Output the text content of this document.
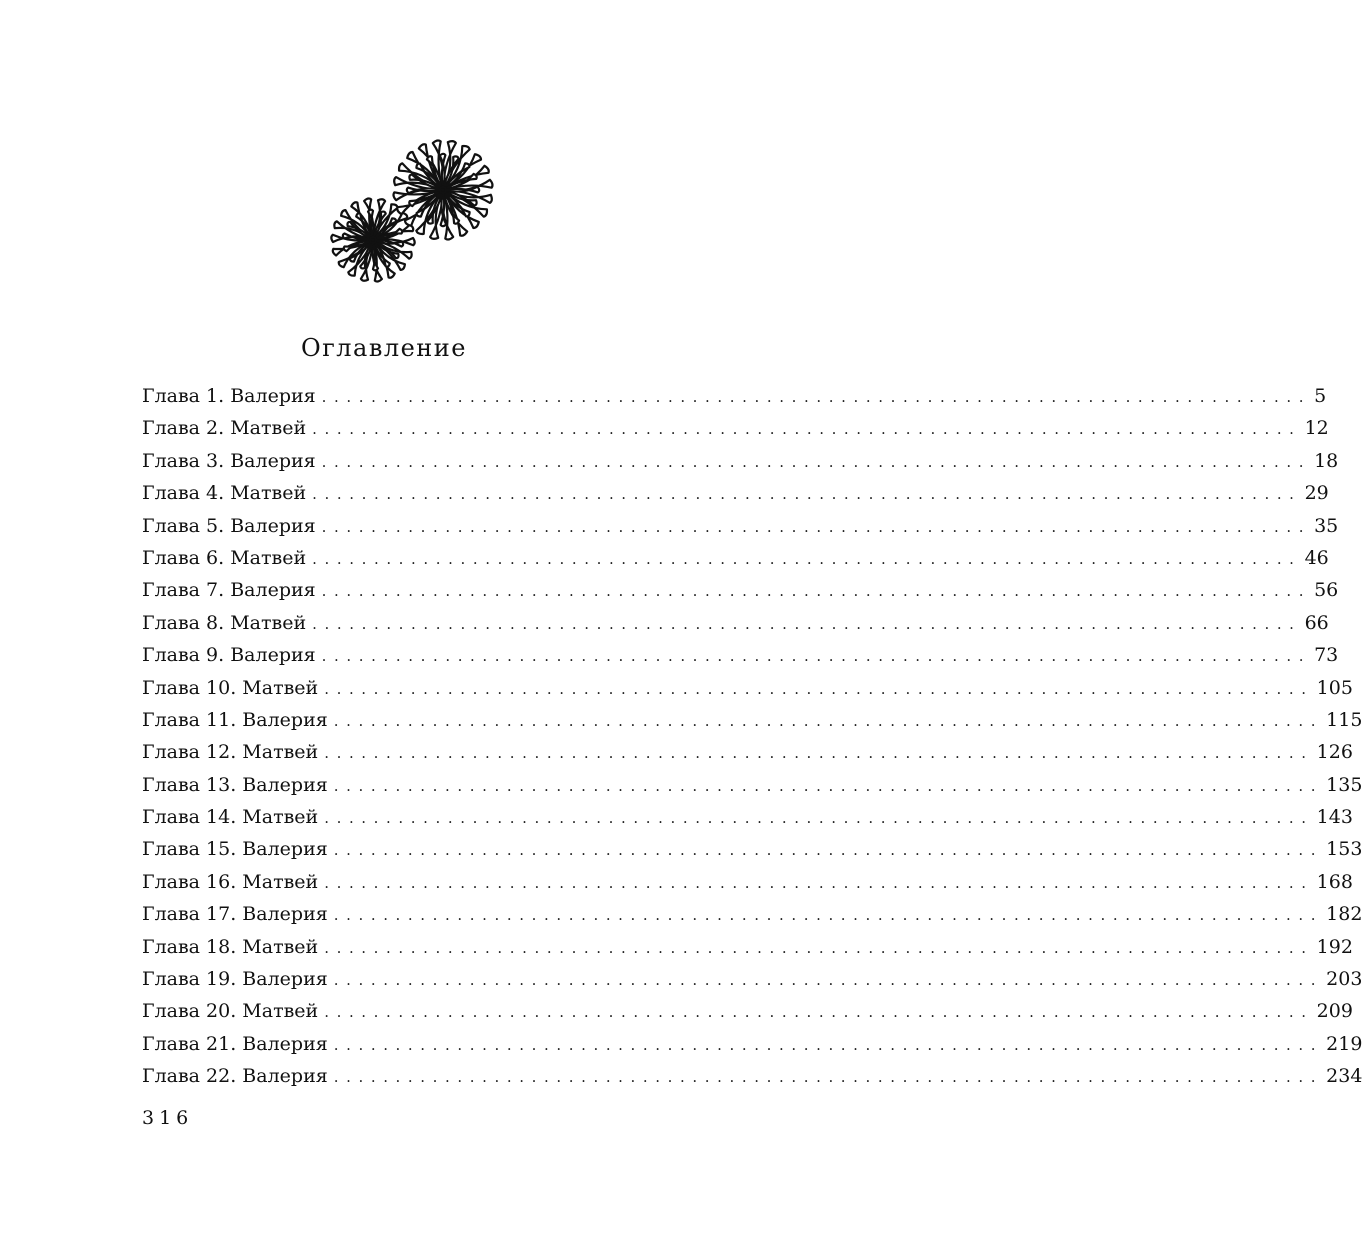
Оглавление
Глава 1. Валерия ................................................................................ 5
Глава 2. Матвей ................................................................................ 12
Глава 3. Валерия ................................................................................ 18
Глава 4. Матвей ................................................................................ 29
Глава 5. Валерия ................................................................................ 35
Глава 6. Матвей ................................................................................ 46
Глава 7. Валерия ................................................................................ 56
Глава 8. Матвей ................................................................................ 66
Глава 9. Валерия ................................................................................ 73
Глава 10. Матвей ................................................................................ 105
Глава 11. Валерия ................................................................................ 115
Глава 12. Матвей ................................................................................ 126
Глава 13. Валерия ................................................................................ 135
Глава 14. Матвей ................................................................................ 143
Глава 15. Валерия ................................................................................ 153
Глава 16. Матвей ................................................................................ 168
Глава 17. Валерия ................................................................................ 182
Глава 18. Матвей ................................................................................ 192
Глава 19. Валерия ................................................................................ 203
Глава 20. Матвей ................................................................................ 209
Глава 21. Валерия ................................................................................ 219
Глава 22. Валерия ................................................................................ 234
316
